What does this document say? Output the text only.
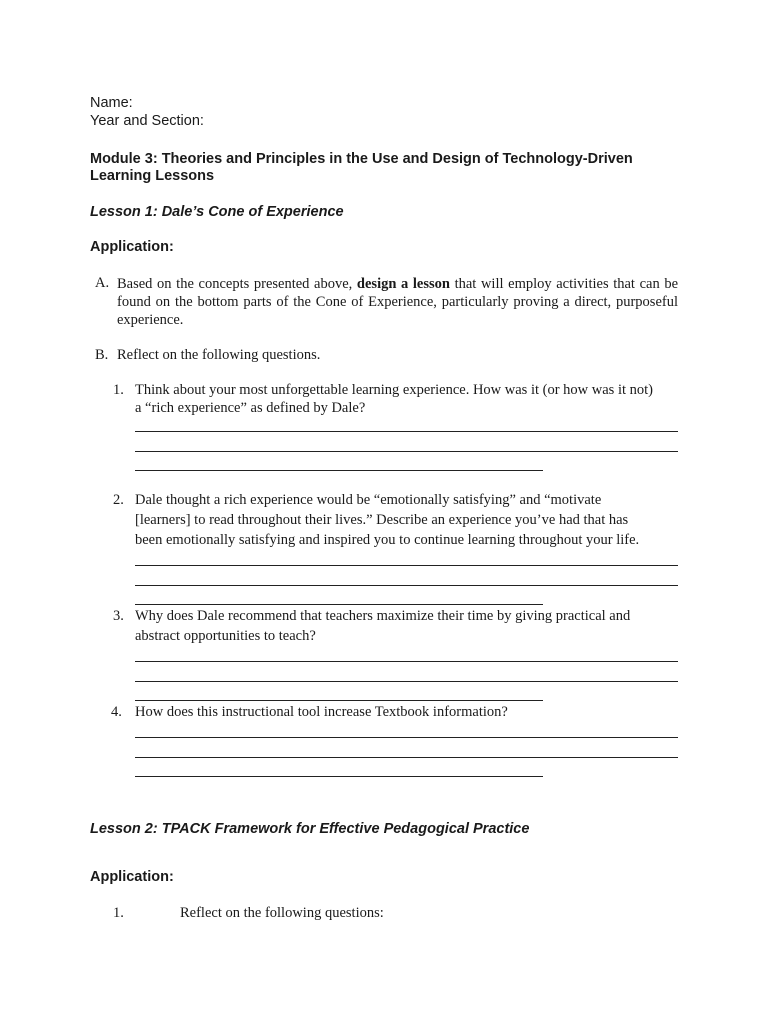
Name:
Year and Section:
Module 3: Theories and Principles in the Use and Design of Technology-Driven
Learning Lessons
Lesson 1: Dale’s Cone of Experience
Application:
A. Based on the concepts presented above, design a lesson that will employ activities that can be found on the bottom parts of the Cone of Experience, particularly proving a direct, purposeful experience.
B. Reflect on the following questions.
1. Think about your most unforgettable learning experience. How was it (or how was it not)
a “rich experience” as defined by Dale?
2. Dale thought a rich experience would be “emotionally satisfying” and “motivate
[learners] to read throughout their lives.” Describe an experience you’ve had that has
been emotionally satisfying and inspired you to continue learning throughout your life.
3. Why does Dale recommend that teachers maximize their time by giving practical and
abstract opportunities to teach?
4. How does this instructional tool increase Textbook information?
Lesson 2: TPACK Framework for Effective Pedagogical Practice
Application:
1.	Reflect on the following questions:
